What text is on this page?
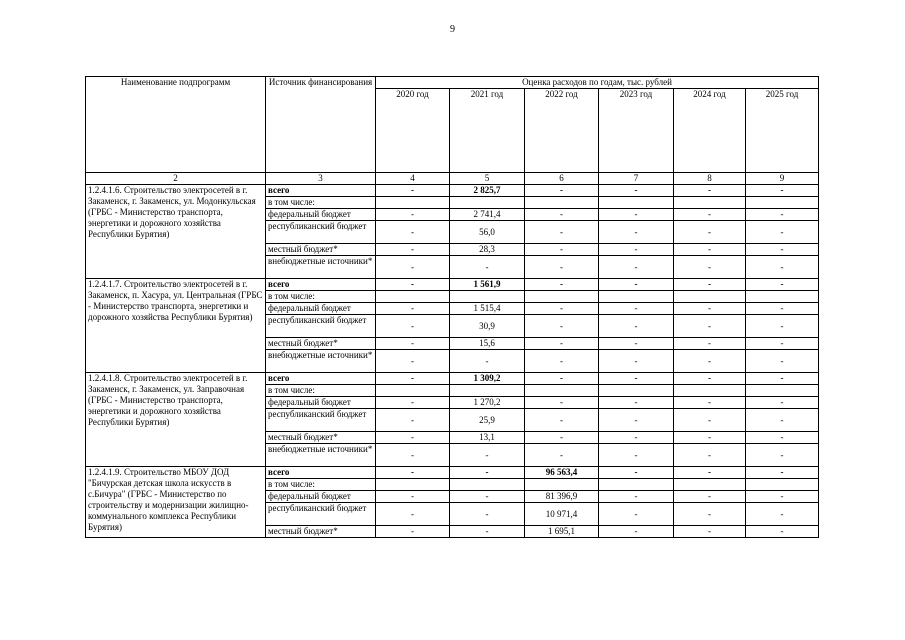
9
Наименование подпрограмм	Источник финансирования	Оценка расходов по годам, тыс. рублей					
		2020 год	2021 год	2022 год	2023 год	2024 год	2025 год
2	3	4	5	6	7	8	9
1.2.4.1.6. Строительство электросетей в г. Закаменск, г. Закаменск, ул. Модонкульская (ГРБС - Министерство транспорта, энергетики и дорожного хозяйства Республики Бурятия)	всего	-	2 825,7	-	-	-	-
	в том числе:						
	федеральный бюджет	-	2 741,4	-	-	-	-
	республиканский бюджет	-	56,0	-	-	-	-
	местный бюджет*	-	28,3	-	-	-	-
	внебюджетные источники*	-	-	-	-	-	-
1.2.4.1.7. Строительство электросетей в г. Закаменск, п. Хасура, ул. Центральная (ГРБС - Министерство транспорта, энергетики и дорожного хозяйства Республики Бурятия)	всего	-	1 561,9	-	-	-	-
	в том числе:						
	федеральный бюджет	-	1 515,4	-	-	-	-
	республиканский бюджет	-	30,9	-	-	-	-
	местный бюджет*	-	15,6	-	-	-	-
	внебюджетные источники*	-	-	-	-	-	-
1.2.4.1.8. Строительство электросетей в г. Закаменск, г. Закаменск, ул. Заправочная (ГРБС - Министерство транспорта, энергетики и дорожного хозяйства Республики Бурятия)	всего	-	1 309,2	-	-	-	-
	в том числе:						
	федеральный бюджет	-	1 270,2	-	-	-	-
	республиканский бюджет	-	25,9	-	-	-	-
	местный бюджет*	-	13,1	-	-	-	-
	внебюджетные источники*	-	-	-	-	-	-
1.2.4.1.9. Строительство МБОУ ДОД "Бичурская детская школа искусств в с.Бичура" (ГРБС - Министерство по строительству и модернизации жилищно-коммунального комплекса Республики Бурятия)	всего	-	-	96 563,4	-	-	-
	в том числе:						
	федеральный бюджет	-	-	81 396,9	-	-	-
	республиканский бюджет	-	-	10 971,4	-	-	-
	местный бюджет*	-	-	1 695,1	-	-	-
